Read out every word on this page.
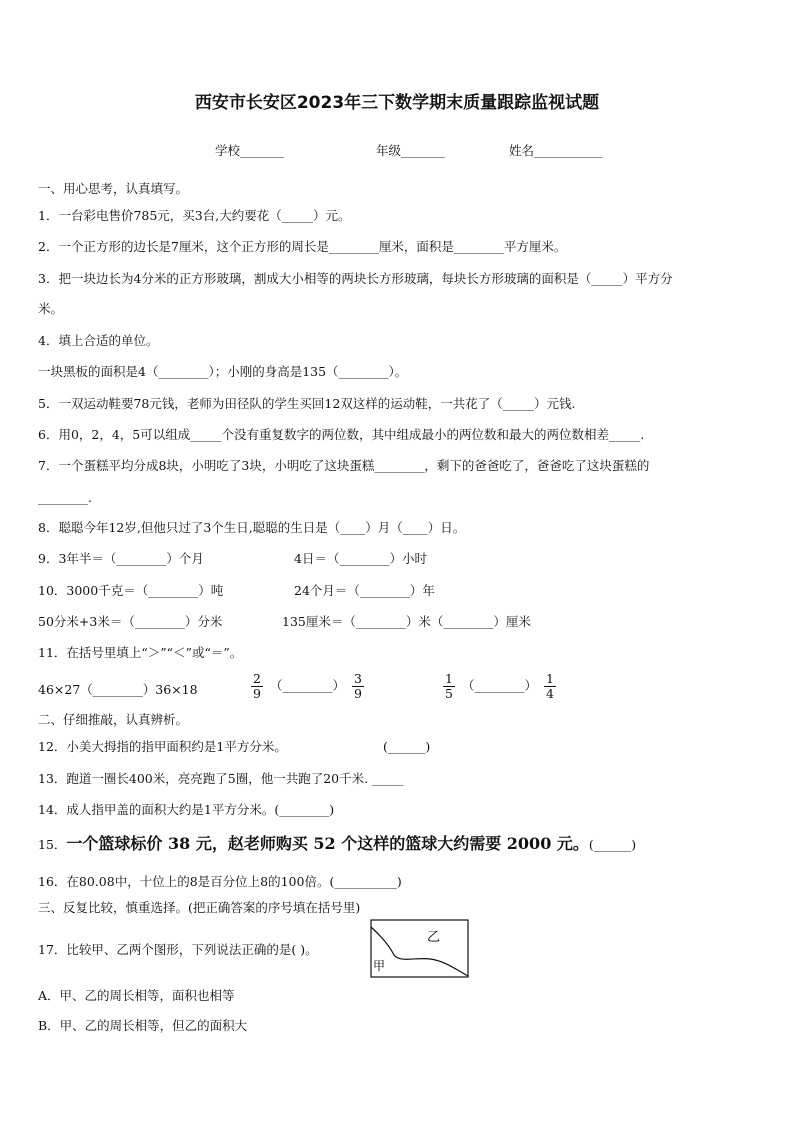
西安市长安区2023年三下数学期末质量跟踪监视试题
学校_______	年级_______	姓名___________
一、用心思考，认真填写。
1．一台彩电售价785元，买3台,大约要花（_____）元。
2．一个正方形的边长是7厘米，这个正方形的周长是________厘米，面积是________平方厘米。
3．把一块边长为4分米的正方形玻璃，割成大小相等的两块长方形玻璃，每块长方形玻璃的面积是（_____）平方分
米。
4．填上合适的单位。
一块黑板的面积是4（________）；小刚的身高是135（________）。
5．一双运动鞋要78元钱，老师为田径队的学生买回12双这样的运动鞋，一共花了（_____）元钱.
6．用0，2，4，5可以组成_____个没有重复数字的两位数，其中组成最小的两位数和最大的两位数相差_____.
7．一个蛋糕平均分成8块，小明吃了3块，小明吃了这块蛋糕________，剩下的爸爸吃了，爸爸吃了这块蛋糕的
________.
8．聪聪今年12岁,但他只过了3个生日,聪聪的生日是（____）月（____）日。
9．3年半＝（________）个月	4日＝（________）小时
10．3000千克＝（________）吨	24个月＝（________）年
50分米+3米＝（________）分米	135厘米＝（________）米（________）厘米
11．在括号里填上“＞”“＜”或“＝”。
46×27（________）36×18	$\frac{2}{9}$ （________） $\frac{3}{9}$	$\frac{1}{5}$ （________） $\frac{1}{4}$
二、仔细推敲，认真辨析。
12．小美大拇指的指甲面积约是1平方分米。	(______)
13．跑道一圈长400米，亮亮跑了5圈，他一共跑了20千米. _____
14．成人指甲盖的面积大约是1平方分米。(________)
15．一个篮球标价 38 元，赵老师购买 52 个这样的篮球大约需要 2000 元。(______)
16．在80.08中，十位上的8是百分位上8的100倍。(__________)
三、反复比较，慎重选择。(把正确答案的序号填在括号里)
17．比较甲、乙两个图形，下列说法正确的是( )。
乙
甲
A．甲、乙的周长相等，面积也相等
B．甲、乙的周长相等，但乙的面积大
